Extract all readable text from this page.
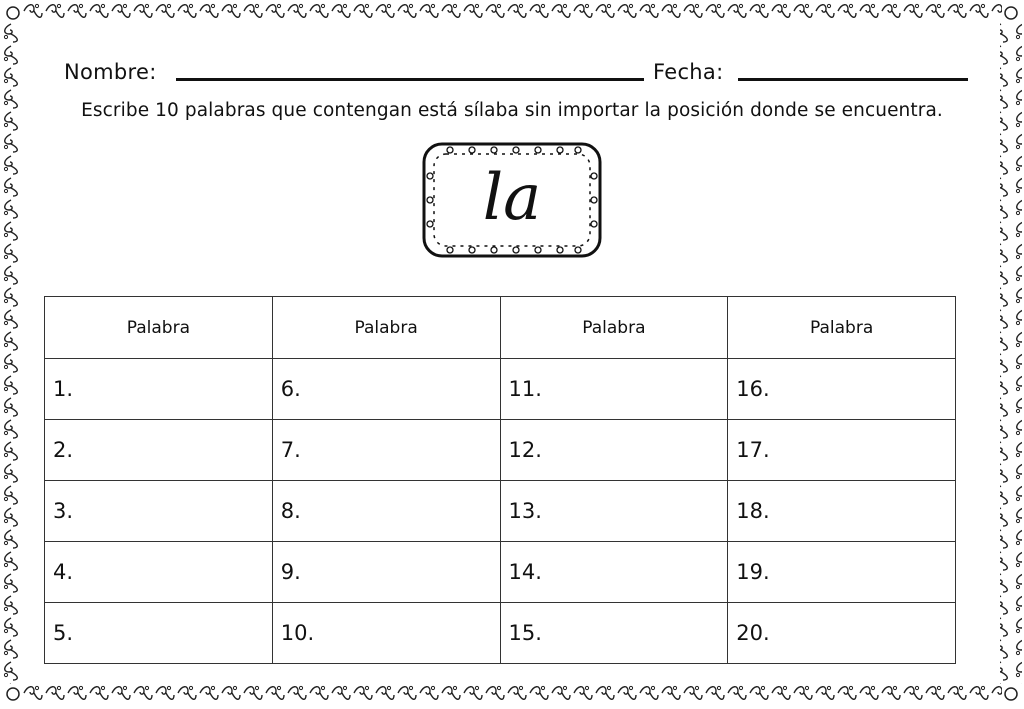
Nombre:	Fecha:
Escribe 10 palabras que contengan está sílaba sin importar la posición donde se encuentra.
la
Palabra	Palabra	Palabra	Palabra
1.	6.	11.	16.
2.	7.	12.	17.
3.	8.	13.	18.
4.	9.	14.	19.
5.	10.	15.	20.
